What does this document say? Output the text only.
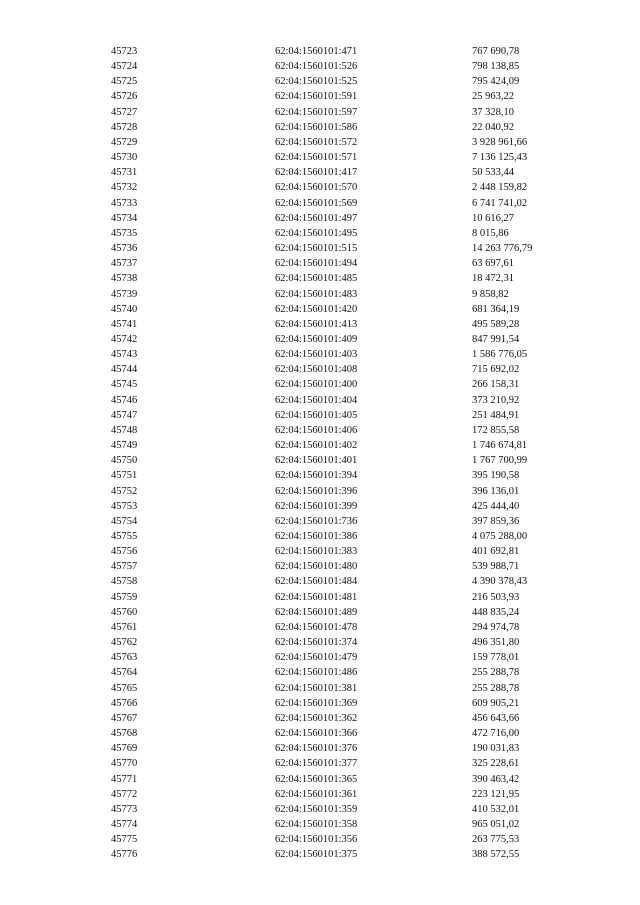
45723	62:04:1560101:471	767 690,78
45724	62:04:1560101:526	798 138,85
45725	62:04:1560101:525	795 424,09
45726	62:04:1560101:591	25 963,22
45727	62:04:1560101:597	37 328,10
45728	62:04:1560101:586	22 040,92
45729	62:04:1560101:572	3 928 961,66
45730	62:04:1560101:571	7 136 125,43
45731	62:04:1560101:417	50 533,44
45732	62:04:1560101:570	2 448 159,82
45733	62:04:1560101:569	6 741 741,02
45734	62:04:1560101:497	10 616,27
45735	62:04:1560101:495	8 015,86
45736	62:04:1560101:515	14 263 776,79
45737	62:04:1560101:494	63 697,61
45738	62:04:1560101:485	18 472,31
45739	62:04:1560101:483	9 858,82
45740	62:04:1560101:420	681 364,19
45741	62:04:1560101:413	495 589,28
45742	62:04:1560101:409	847 991,54
45743	62:04:1560101:403	1 586 776,05
45744	62:04:1560101:408	715 692,02
45745	62:04:1560101:400	266 158,31
45746	62:04:1560101:404	373 210,92
45747	62:04:1560101:405	251 484,91
45748	62:04:1560101:406	172 855,58
45749	62:04:1560101:402	1 746 674,81
45750	62:04:1560101:401	1 767 700,99
45751	62:04:1560101:394	395 190,58
45752	62:04:1560101:396	396 136,01
45753	62:04:1560101:399	425 444,40
45754	62:04:1560101:736	397 859,36
45755	62:04:1560101:386	4 075 288,00
45756	62:04:1560101:383	401 692,81
45757	62:04:1560101:480	539 988,71
45758	62:04:1560101:484	4 390 378,43
45759	62:04:1560101:481	216 503,93
45760	62:04:1560101:489	448 835,24
45761	62:04:1560101:478	294 974,78
45762	62:04:1560101:374	496 351,80
45763	62:04:1560101:479	159 778,01
45764	62:04:1560101:486	255 288,78
45765	62:04:1560101:381	255 288,78
45766	62:04:1560101:369	609 905,21
45767	62:04:1560101:362	456 643,66
45768	62:04:1560101:366	472 716,00
45769	62:04:1560101:376	190 031,83
45770	62:04:1560101:377	325 228,61
45771	62:04:1560101:365	390 463,42
45772	62:04:1560101:361	223 121,95
45773	62:04:1560101:359	410 532,01
45774	62:04:1560101:358	965 051,02
45775	62:04:1560101:356	263 775,53
45776	62:04:1560101:375	388 572,55
